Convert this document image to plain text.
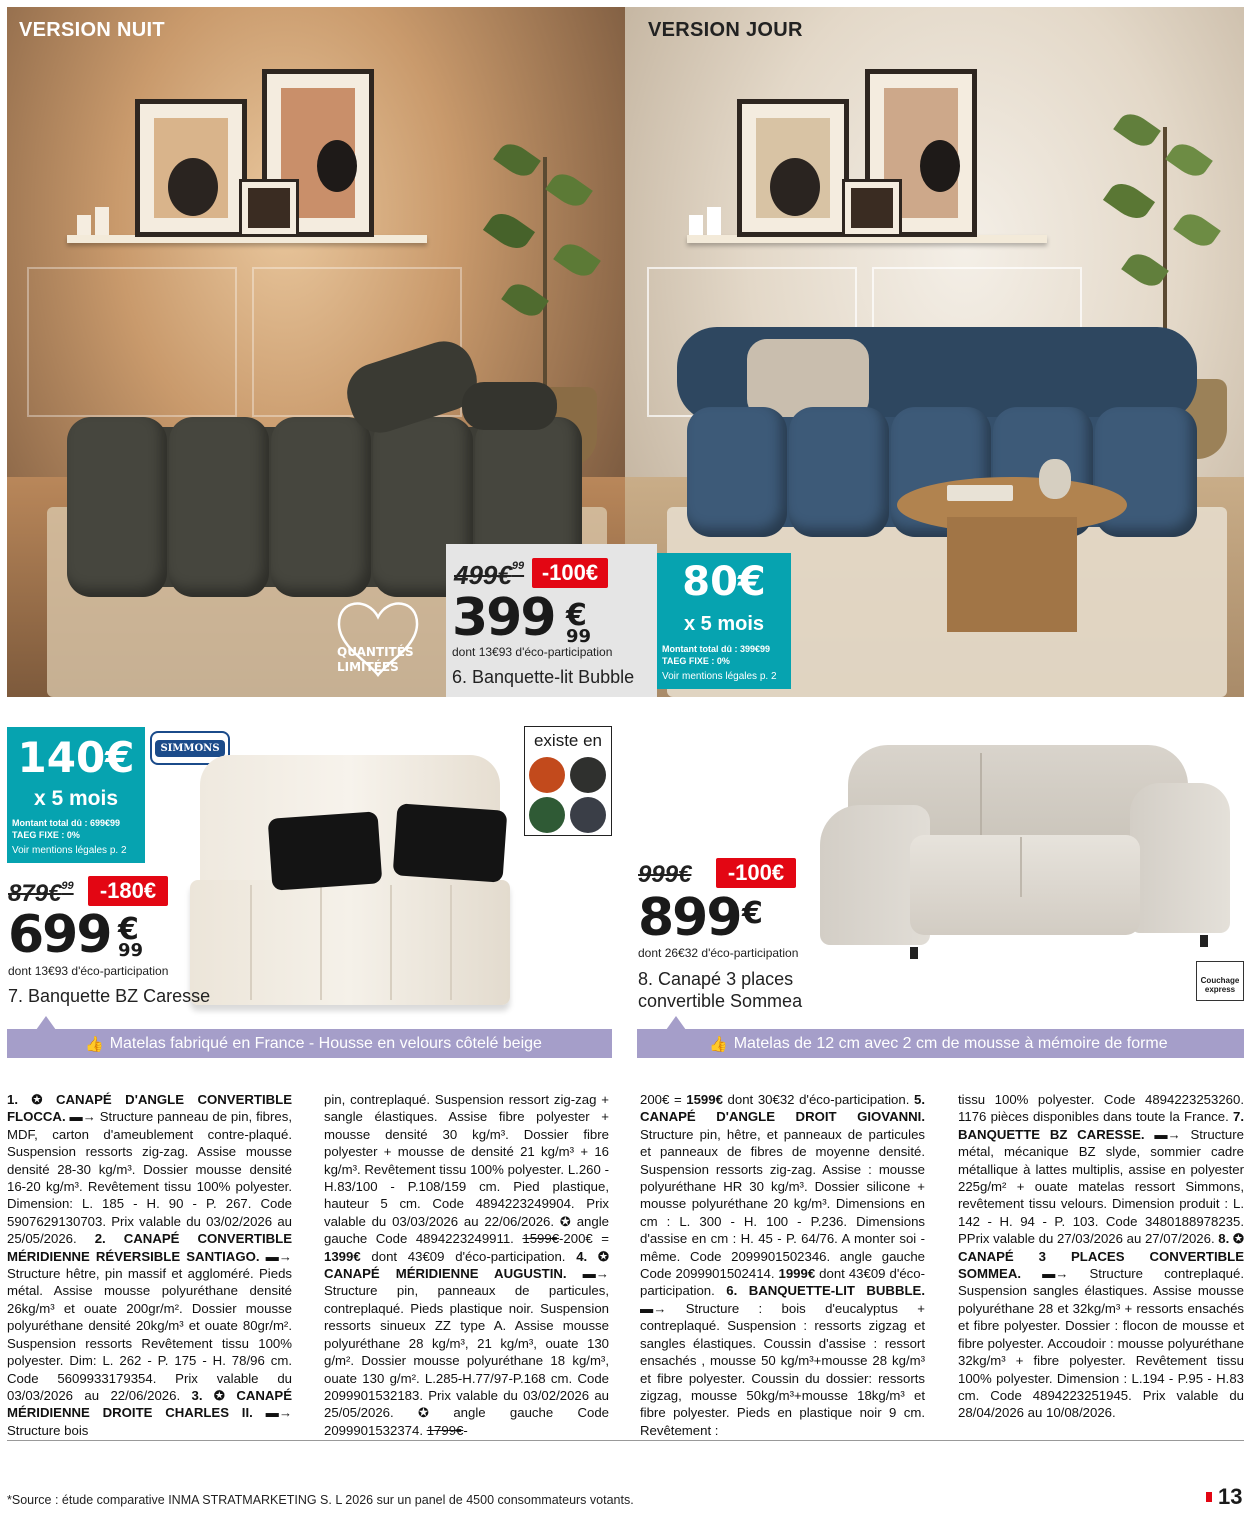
VERSION NUIT	VERSION JOUR
QUANTITÉS
LIMITÉES
499€$^{99}$ -100€
399 €
99
dont 13€93 d'éco-participation
6. Banquette-lit Bubble
80€
x 5 mois
Montant total dû : 399€99
TAEG FIXE : 0%
Voir mentions légales p. 2
140€
x 5 mois
Montant total dû : 699€99
TAEG FIXE : 0%
Voir mentions légales p. 2
SIMMONS	existe en
879€$^{99}$	-180€
699 €
99
dont 13€93 d'éco-participation
7. Banquette BZ Caresse
👍 Matelas fabriqué en France - Housse en velours côtelé beige
999€	-100€
899 €
dont 26€32 d'éco-participation
8. Canapé 3 places
convertible Sommea
Couchage
express
👍 Matelas de 12 cm avec 2 cm de mousse à mémoire de forme
1. ✪ CANAPÉ D'ANGLE CONVERTIBLE FLOCCA. ▬→ Structure panneau de pin, fibres, MDF, carton d'ameublement contre-plaqué. Suspension ressorts zig-zag. Assise mousse densité 28-30 kg/m³. Dossier mousse densité 16-20 kg/m³. Revêtement tissu 100% polyester. Dimension: L. 185 - H. 90 - P. 267. Code 5907629130703. Prix valable du 03/02/2026 au 25/05/2026. 2. CANAPÉ CONVERTIBLE MÉRIDIENNE RÉVERSIBLE SANTIAGO. ▬→ Structure hêtre, pin massif et aggloméré. Pieds métal. Assise mousse polyuréthane densité 26kg/m³ et ouate 200gr/m². Dossier mousse polyuréthane densité 20kg/m³ et ouate 80gr/m². Suspension ressorts Revêtement tissu 100% polyester. Dim: L. 262 - P. 175 - H. 78/96 cm. Code 5609933179354. Prix valable du 03/03/2026 au 22/06/2026. 3. ✪ CANAPÉ MÉRIDIENNE DROITE CHARLES II. ▬→ Structure bois
pin, contreplaqué. Suspension ressort zig-zag + sangle élastiques. Assise fibre polyester + mousse densité 30 kg/m³. Dossier fibre polyester + mousse de densité 21 kg/m³ + 16 kg/m³. Revêtement tissu 100% polyester. L.260 - H.83/100 - P.108/159 cm. Pied plastique, hauteur 5 cm. Code 4894223249904. Prix valable du 03/03/2026 au 22/06/2026. ✪ angle gauche Code 4894223249911. 1599€-200€ = 1399€ dont 43€09 d'éco-participation. 4. ✪ CANAPÉ MÉRIDIENNE AUGUSTIN. ▬→ Structure pin, panneaux de particules, contreplaqué. Pieds plastique noir. Suspension ressorts sinueux ZZ type A. Assise mousse polyuréthane 28 kg/m³, 21 kg/m³, ouate 130 g/m². Dossier mousse polyuréthane 18 kg/m³, ouate 130 g/m². L.285-H.77/97-P.168 cm. Code 2099901532183. Prix valable du 03/02/2026 au 25/05/2026. ✪ angle gauche Code 2099901532374. 1799€-
200€ = 1599€ dont 30€32 d'éco-participation. 5. CANAPÉ D'ANGLE DROIT GIOVANNI. Structure pin, hêtre, et panneaux de particules et panneaux de fibres de moyenne densité. Suspension ressorts zig-zag. Assise : mousse polyuréthane HR 30 kg/m³. Dossier silicone + mousse polyuréthane 20 kg/m³. Dimensions en cm : L. 300 - H. 100 - P.236. Dimensions d'assise en cm : H. 45 - P. 64/76. A monter soi -même. Code 2099901502346. angle gauche Code 2099901502414. 1999€ dont 43€09 d'éco-participation. 6. BANQUETTE-LIT BUBBLE. ▬→ Structure : bois d'eucalyptus + contreplaqué. Suspension : ressorts zigzag et sangles élastiques. Coussin d'assise : ressort ensachés , mousse 50 kg/m³+mousse 28 kg/m³ et fibre polyester. Coussin du dossier: ressorts zigzag, mousse 50kg/m³+mousse 18kg/m³ et fibre polyester. Pieds en plastique noir 9 cm. Revêtement :
tissu 100% polyester. Code 4894223253260. 1176 pièces disponibles dans toute la France. 7. BANQUETTE BZ CARESSE. ▬→ Structure métal, mécanique BZ slyde, sommier cadre métallique à lattes multiplis, assise en polyester 225g/m² + ouate matelas ressort Simmons, revêtement tissu velours. Dimension produit : L. 142 - H. 94 - P. 103. Code 3480188978235. PPrix valable du 27/03/2026 au 27/07/2026. 8. ✪ CANAPÉ 3 PLACES CONVERTIBLE SOMMEA. ▬→ Structure contreplaqué. Suspension sangles élastiques. Assise mousse polyuréthane 28 et 32kg/m³ + ressorts ensachés et fibre polyester. Dossier : flocon de mousse et fibre polyester. Accoudoir : mousse polyuréthane 32kg/m³ + fibre polyester. Revêtement tissu 100% polyester. Dimension : L.194 - P.95 - H.83 cm. Code 4894223251945. Prix valable du 28/04/2026 au 10/08/2026.
*Source : étude comparative INMA STRATMARKETING S. L 2026 sur un panel de 4500 consommateurs votants.	13
